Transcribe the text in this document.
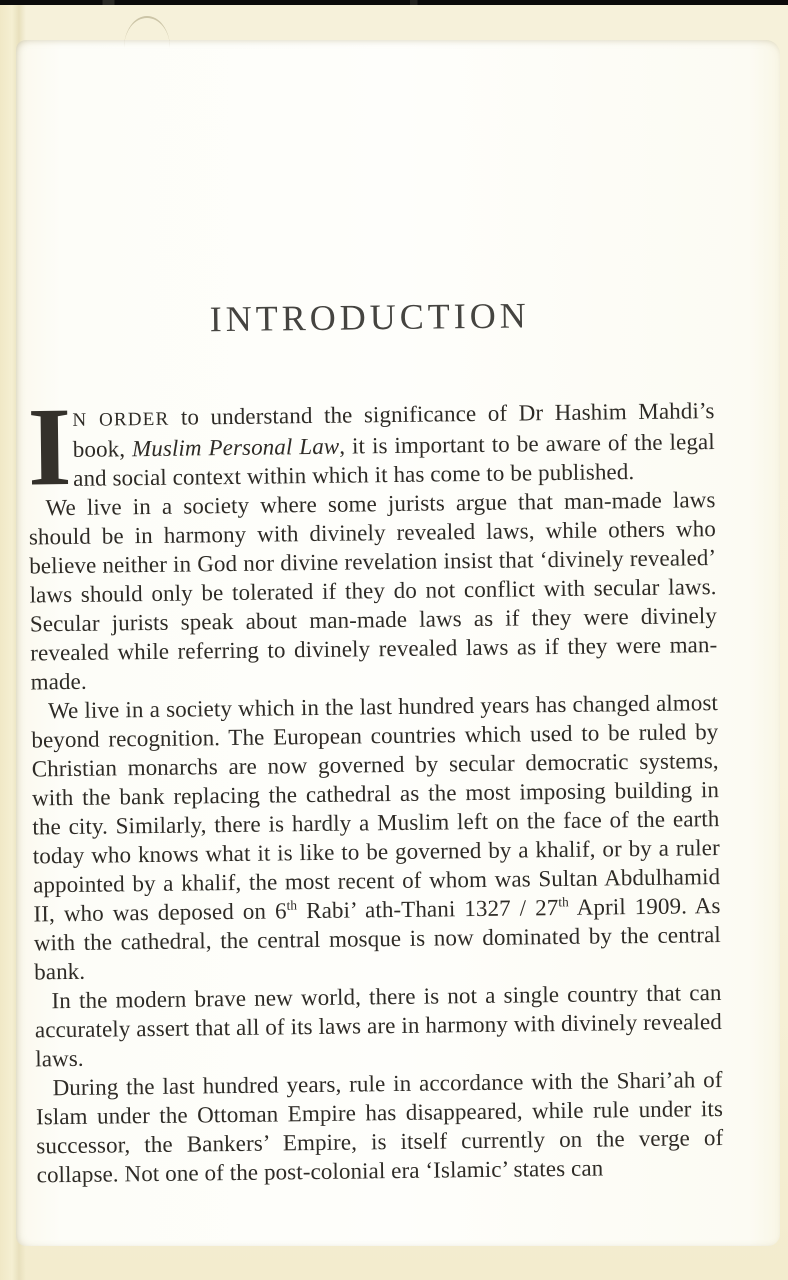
INTRODUCTION

I N ORDER to understand the significance of Dr Hashim Mahdi’s book, Muslim Personal Law, it is important to be aware of the legal and social context within which it has come to be published.

We live in a society where some jurists argue that man-made laws should be in harmony with divinely revealed laws, while others who believe neither in God nor divine revelation insist that ‘divinely revealed’ laws should only be tolerated if they do not conflict with secular laws. Secular jurists speak about man-made laws as if they were divinely revealed while referring to divinely revealed laws as if they were man-made.

We live in a society which in the last hundred years has changed almost beyond recognition. The European countries which used to be ruled by Christian monarchs are now governed by secular democratic systems, with the bank replacing the cathedral as the most imposing building in the city. Similarly, there is hardly a Muslim left on the face of the earth today who knows what it is like to be governed by a khalif, or by a ruler appointed by a khalif, the most recent of whom was Sultan Abdulhamid II, who was deposed on 6th Rabi’ ath-Thani 1327 / 27th April 1909. As with the cathedral, the central mosque is now dominated by the central bank.

In the modern brave new world, there is not a single country that can accurately assert that all of its laws are in harmony with divinely revealed laws.

During the last hundred years, rule in accordance with the Shari’ah of Islam under the Ottoman Empire has disappeared, while rule under its successor, the Bankers’ Empire, is itself currently on the verge of collapse. Not one of the post-colonial era ‘Islamic’ states can
